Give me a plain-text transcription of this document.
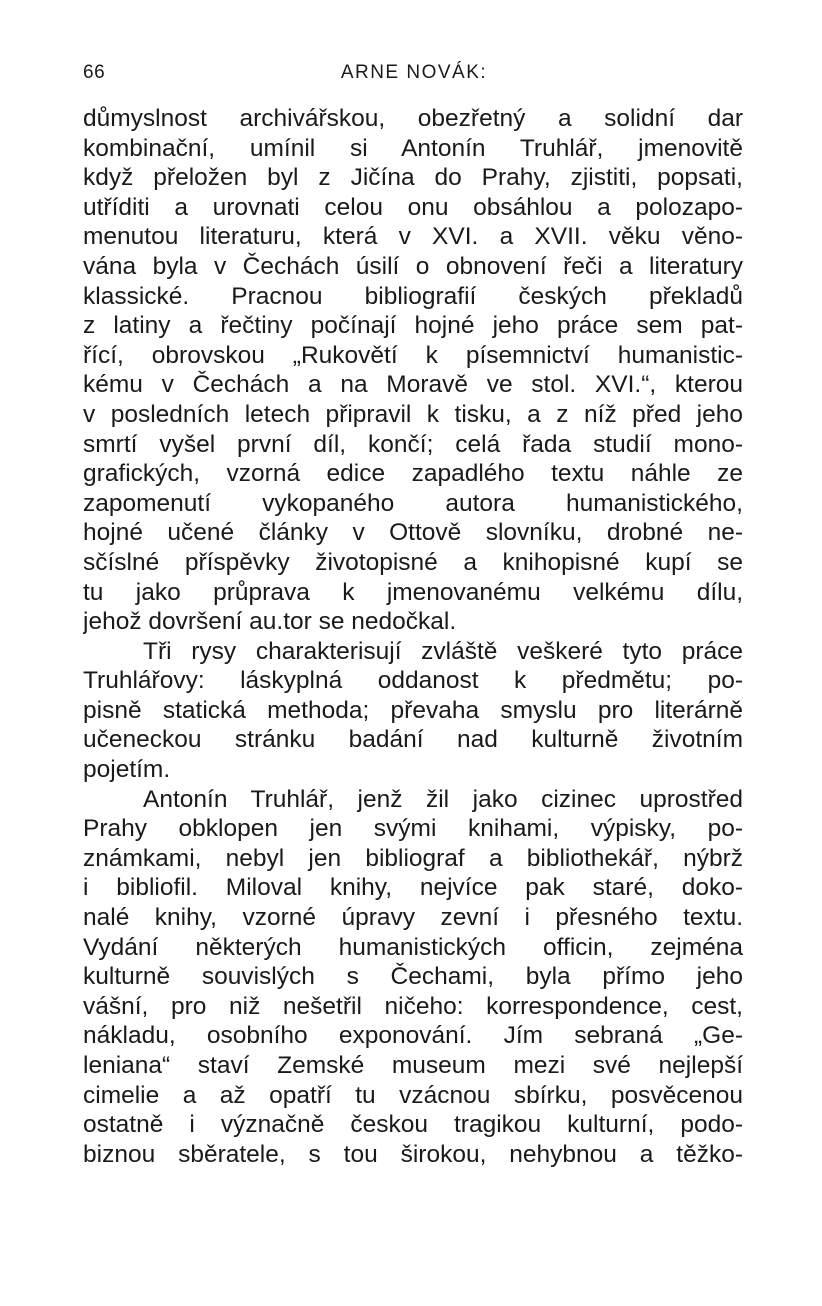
66	ARNE NOVÁK:
důmyslnost archivářskou, obezřetný a solidní dar
kombinační, umínil si Antonín Truhlář, jmenovitě
když přeložen byl z Jičína do Prahy, zjistiti, popsati,
utříditi a urovnati celou onu obsáhlou a polozapo-
menutou literaturu, která v XVI. a XVII. věku věno-
vána byla v Čechách úsilí o obnovení řeči a literatury
klassické. Pracnou bibliografií českých překladů
z latiny a řečtiny počínají hojné jeho práce sem pat-
řící, obrovskou „Rukovětí k písemnictví humanistic-
kému v Čechách a na Moravě ve stol. XVI.“, kterou
v posledních letech připravil k tisku, a z níž před jeho
smrtí vyšel první díl, končí; celá řada studií mono-
grafických, vzorná edice zapadlého textu náhle ze
zapomenutí vykopaného autora humanistického,
hojné učené články v Ottově slovníku, drobné ne-
sčíslné příspěvky životopisné a knihopisné kupí se
tu jako průprava k jmenovanému velkému dílu,
jehož dovršení au.tor se nedočkal.
Tři rysy charakterisují zvláště veškeré tyto práce
Truhlářovy: láskyplná oddanost k předmětu; po-
pisně statická methoda; převaha smyslu pro literárně
učeneckou stránku badání nad kulturně životním
pojetím.
Antonín Truhlář, jenž žil jako cizinec uprostřed
Prahy obklopen jen svými knihami, výpisky, po-
známkami, nebyl jen bibliograf a bibliothekář, nýbrž
i bibliofil. Miloval knihy, nejvíce pak staré, doko-
nalé knihy, vzorné úpravy zevní i přesného textu.
Vydání některých humanistických officin, zejména
kulturně souvislých s Čechami, byla přímo jeho
vášní, pro niž nešetřil ničeho: korrespondence, cest,
nákladu, osobního exponování. Jím sebraná „Ge-
leniana“ staví Zemské museum mezi své nejlepší
cimelie a až opatří tu vzácnou sbírku, posvěcenou
ostatně i význačně českou tragikou kulturní, podo-
biznou sběratele, s tou širokou, nehybnou a těžko-
